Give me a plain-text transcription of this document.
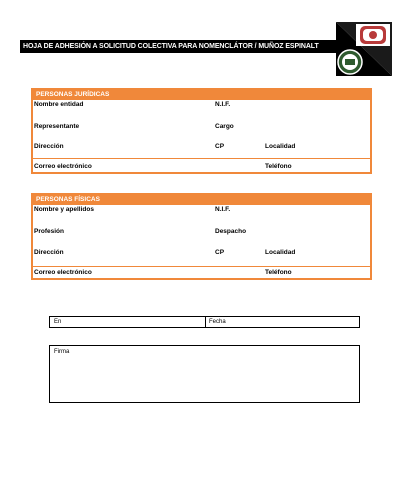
HOJA DE ADHESIÓN A SOLICITUD COLECTIVA PARA NOMENCLÁTOR / MUÑOZ ESPINALT
PERSONAS JURÍDICAS
Nombre entidad	N.I.F.
Representante	Cargo
Dirección	CP	Localidad
Correo electrónico	Teléfono
PERSONAS FÍSICAS
Nombre y apellidos	N.I.F.
Profesión	Despacho
Dirección	CP	Localidad
Correo electrónico	Teléfono
En	Fecha
Firma
